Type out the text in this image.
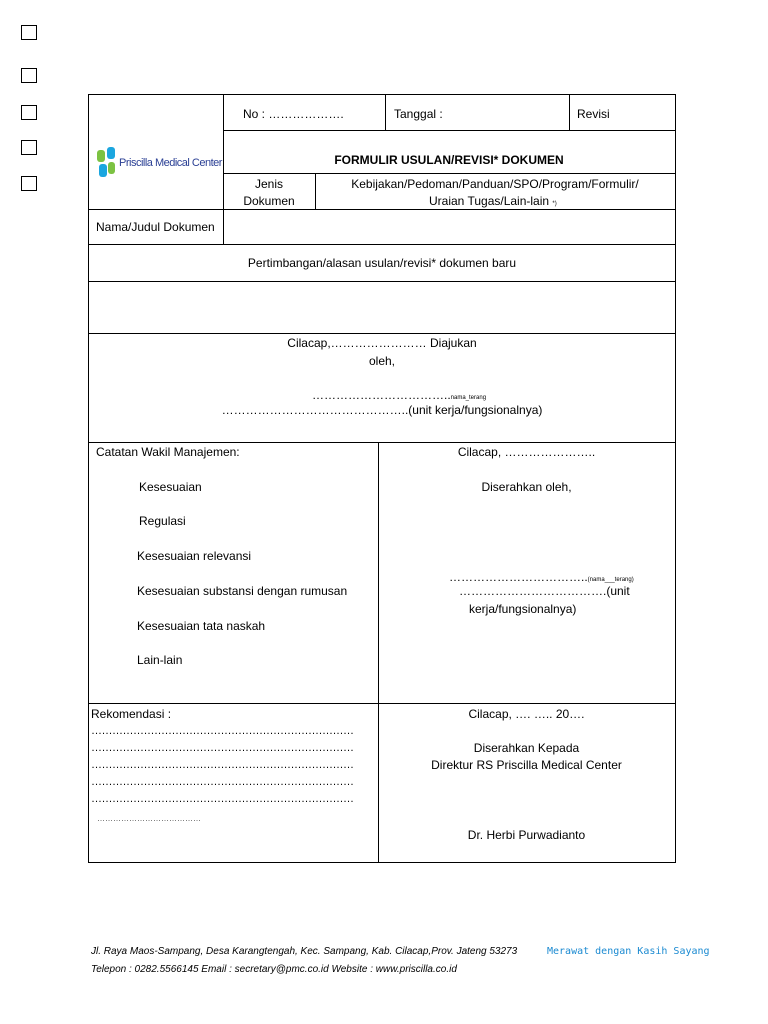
Priscilla Medical Center
No : ……………….	Tanggal :	Revisi
FORMULIR USULAN/REVISI* DOKUMEN
Jenis
Dokumen
Kebijakan/Pedoman/Panduan/SPO/Program/Formulir/
Uraian Tugas/Lain-lain *)
Nama/Judul Dokumen
Pertimbangan/alasan usulan/revisi* dokumen baru
Cilacap,…………………… Diajukan
oleh,
……………………………..nama_terang
………………………………………..(unit kerja/fungsionalnya)
Catatan Wakil Manajemen:
Kesesuaian
Regulasi
Kesesuaian relevansi
Kesesuaian substansi dengan rumusan
Kesesuaian tata naskah
Lain-lain
Cilacap, …………………..
Diserahkan oleh,
……………………………..(nama___terang)
……………………………….(unit
kerja/fungsionalnya)
Rekomendasi :
…………………………………………………………………
…………………………………………………………………
…………………………………………………………………
…………………………………………………………………
…………………………………………………………………
…………………………………
Cilacap, …. ….. 20….
Diserahkan Kepada
Direktur RS Priscilla Medical Center
Dr. Herbi Purwadianto
Jl. Raya Maos-Sampang, Desa Karangtengah, Kec. Sampang, Kab. Cilacap,Prov. Jateng 53273
Telepon : 0282.5566145 Email : secretary@pmc.co.id Website : www.priscilla.co.id
Merawat dengan Kasih Sayang
